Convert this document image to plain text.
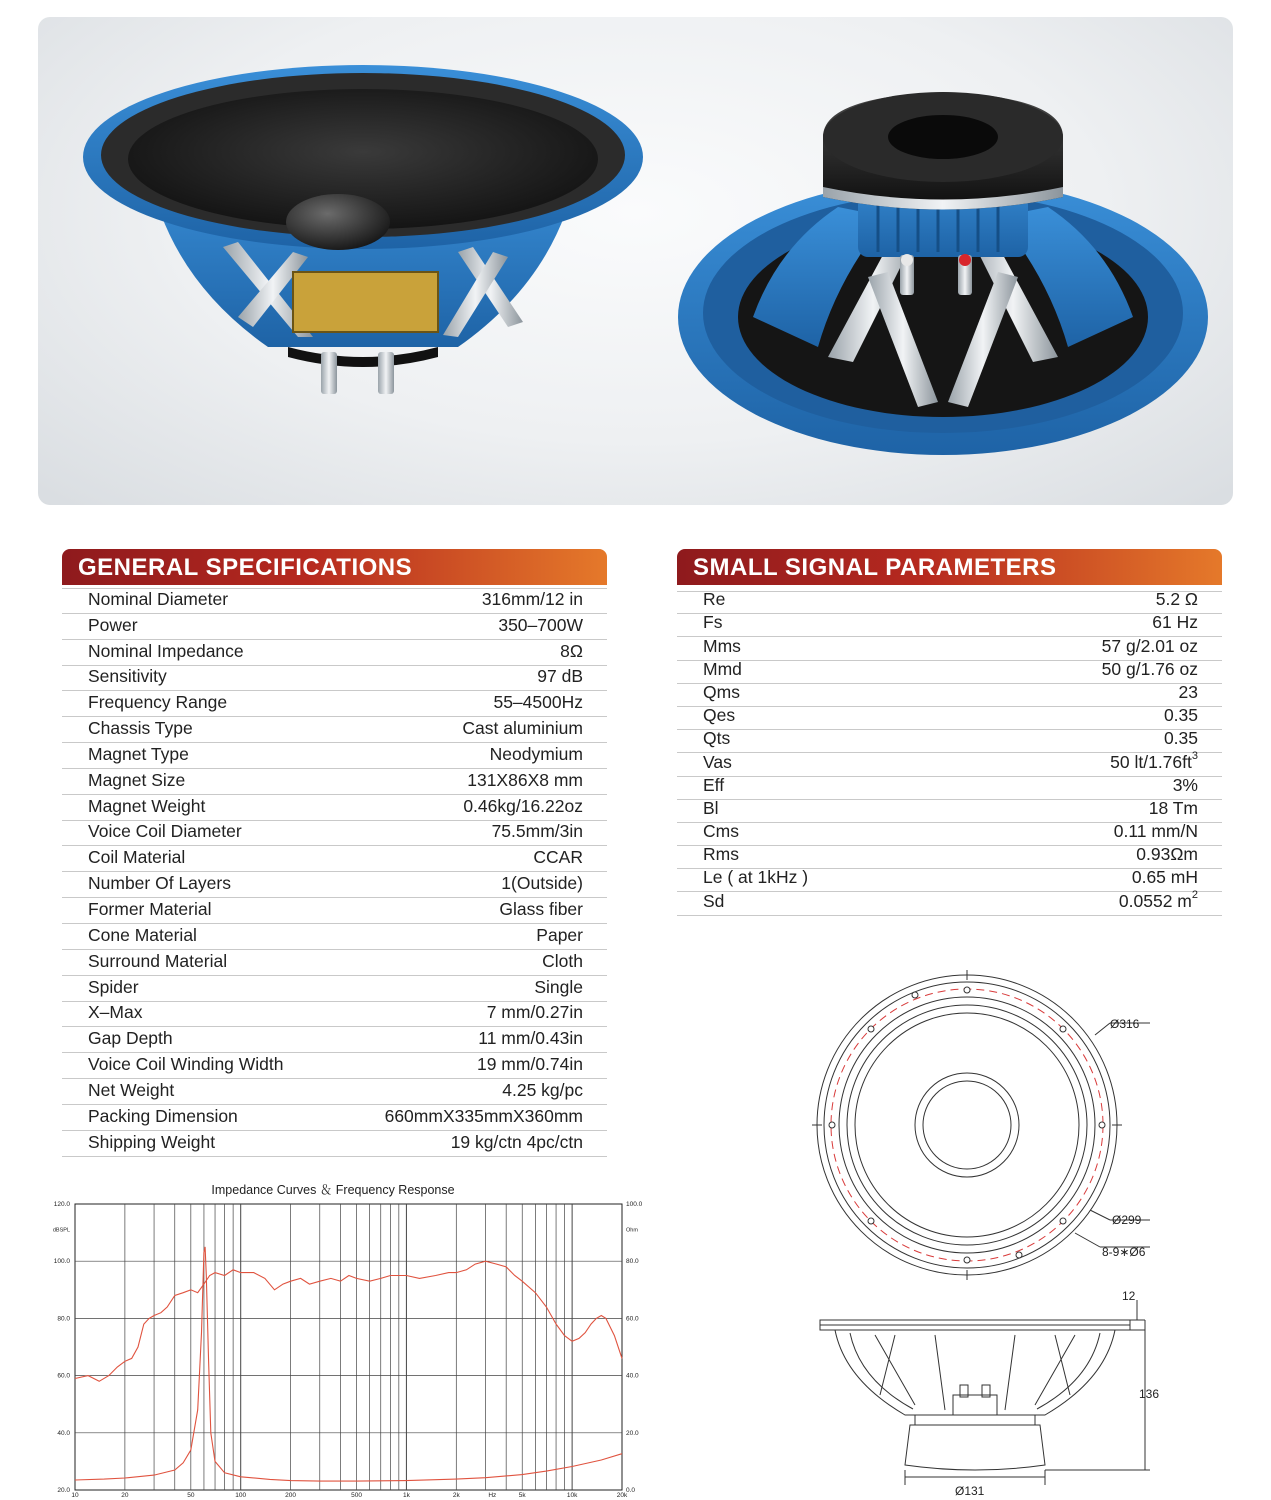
GENERAL SPECIFICATIONS
Nominal Diameter	316mm/12 in
Power	350–700W
Nominal Impedance	8Ω
Sensitivity	97 dB
Frequency Range	55–4500Hz
Chassis Type	Cast aluminium
Magnet Type	Neodymium
Magnet Size	131X86X8 mm
Magnet Weight	0.46kg/16.22oz
Voice Coil Diameter	75.5mm/3in
Coil Material	CCAR
Number Of Layers	1(Outside)
Former Material	Glass fiber
Cone Material	Paper
Surround Material	Cloth
Spider	Single
X–Max	7 mm/0.27in
Gap Depth	11 mm/0.43in
Voice Coil Winding Width	19 mm/0.74in
Net Weight	4.25 kg/pc
Packing Dimension	660mmX335mmX360mm
Shipping Weight	19 kg/ctn 4pc/ctn
SMALL SIGNAL PARAMETERS
Re	5.2 Ω
Fs	61 Hz
Mms	57 g/2.01 oz
Mmd	50 g/1.76 oz
Qms	23
Qes	0.35
Qts	0.35
Vas	50 $lt/1.76ft^3$
Eff	3%
Bl	18 Tm
Cms	0.11 mm/N
Rms	0.93Ωm
Le ( at 1kHz )	0.65 mH
Sd	0.0552 $m^2$
Impedance Curves ＆ Frequency Response
10	20	50	100	200	500	1k	2k	5k	10k	20k
Hz
20.0
40.0
60.0
80.0
100.0
120.0
0.0
20.0
40.0
60.0
80.0
100.0
dBSPL	Ohm
Ø316
Ø299
8-9∗Ø6
12
136
Ø131
